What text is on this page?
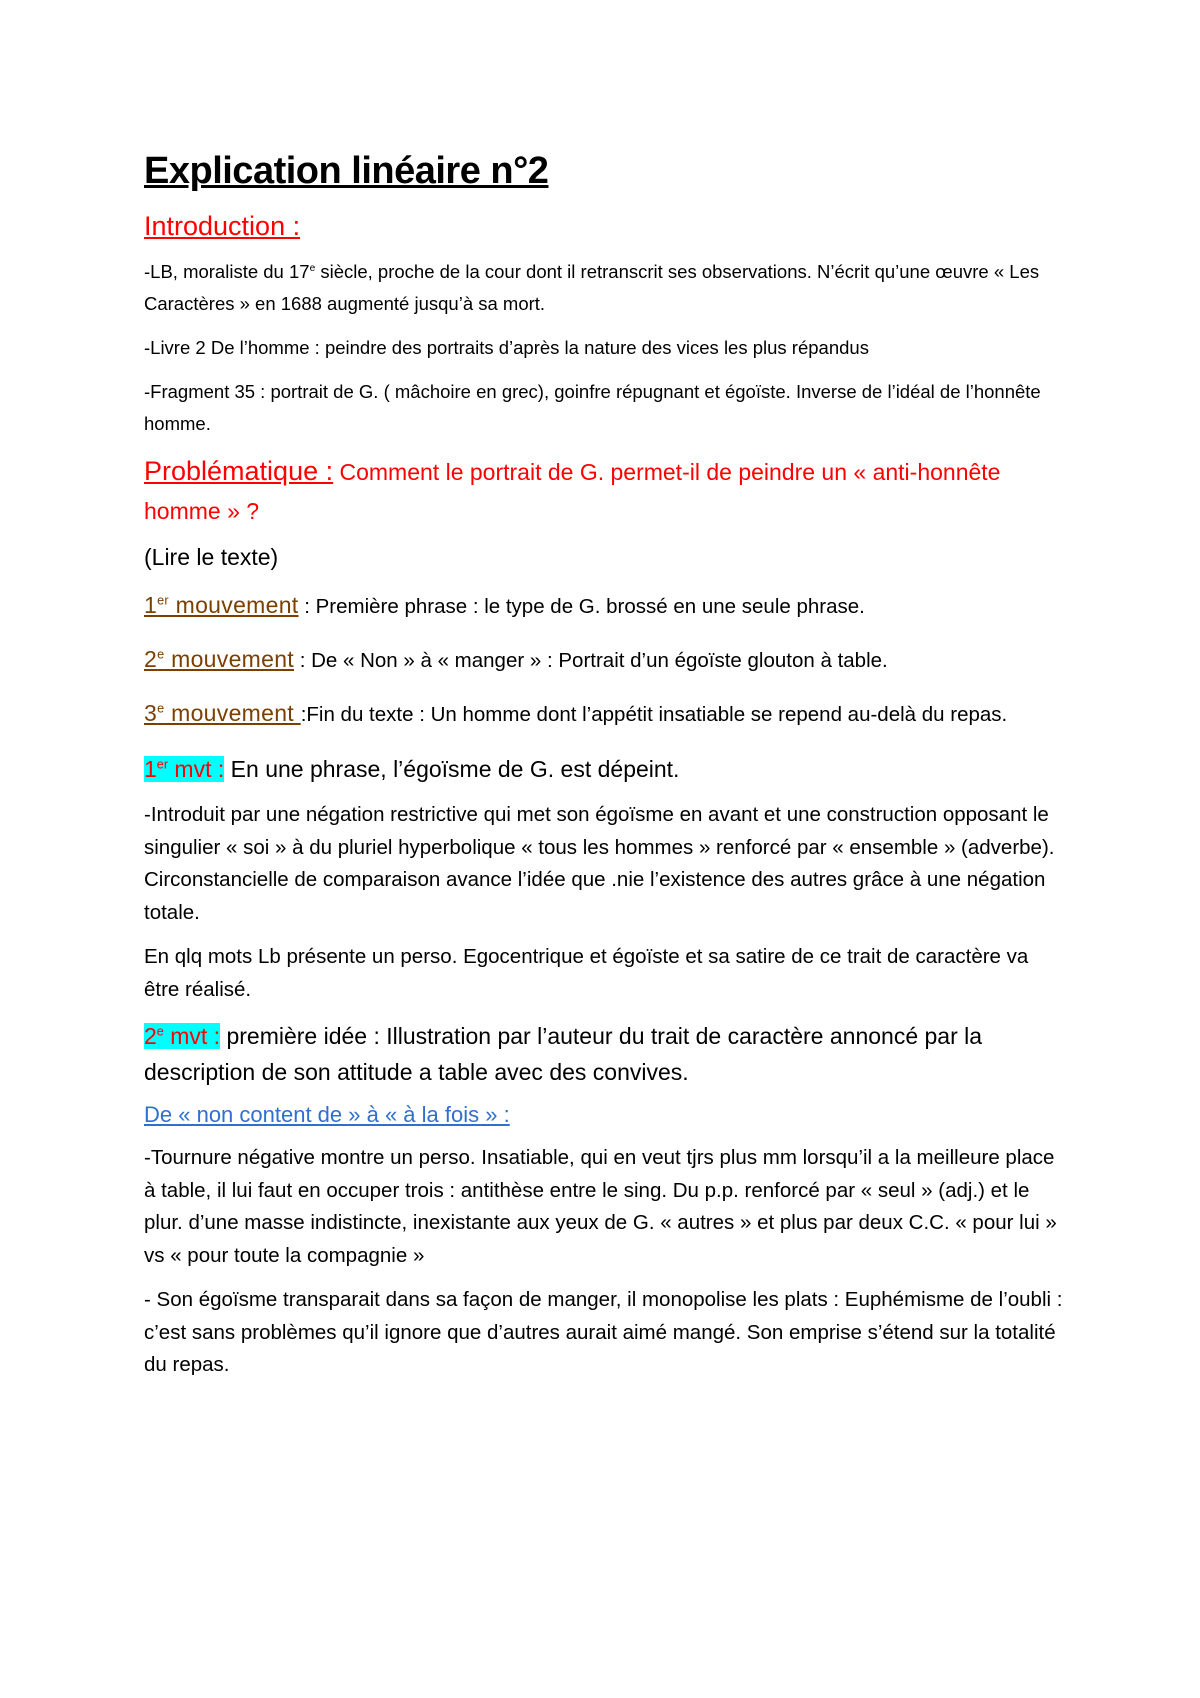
Explication linéaire n°2
Introduction :

-LB, moraliste du 17e siècle, proche de la cour dont il retranscrit ses observations. N’écrit qu’une œuvre « Les Caractères » en 1688 augmenté jusqu’à sa mort.

-Livre 2 De l’homme : peindre des portraits d’après la nature des vices les plus répandus

-Fragment 35 : portrait de G. ( mâchoire en grec), goinfre répugnant et égoïste. Inverse de l’idéal de l’honnête homme.

Problématique : Comment le portrait de G. permet-il de peindre un « anti-honnête homme » ?

(Lire le texte)

1er mouvement : Première phrase : le type de G. brossé en une seule phrase.

2e mouvement : De « Non » à « manger » : Portrait d’un égoïste glouton à table.

3e mouvement :Fin du texte : Un homme dont l’appétit insatiable se repend au-delà du repas.

1er mvt : En une phrase, l’égoïsme de G. est dépeint.

-Introduit par une négation restrictive qui met son égoïsme en avant et une construction opposant le singulier « soi » à du pluriel hyperbolique « tous les hommes » renforcé par « ensemble » (adverbe). Circonstancielle de comparaison avance l’idée que .nie l’existence des autres grâce à une négation totale.

En qlq mots Lb présente un perso. Egocentrique et égoïste et sa satire de ce trait de caractère va être réalisé.

2e mvt : première idée : Illustration par l’auteur du trait de caractère annoncé par la description de son attitude a table avec des convives.

De « non content de » à « à la fois » :

-Tournure négative montre un perso. Insatiable, qui en veut tjrs plus mm lorsqu’il a la meilleure place à table, il lui faut en occuper trois : antithèse entre le sing. Du p.p. renforcé par « seul » (adj.) et le plur. d’une masse indistincte, inexistante aux yeux de G. « autres » et plus par deux C.C. « pour lui » vs « pour toute la compagnie »

- Son égoïsme transparait dans sa façon de manger, il monopolise les plats : Euphémisme de l’oubli : c’est sans problèmes qu’il ignore que d’autres aurait aimé mangé. Son emprise s’étend sur la totalité du repas.
